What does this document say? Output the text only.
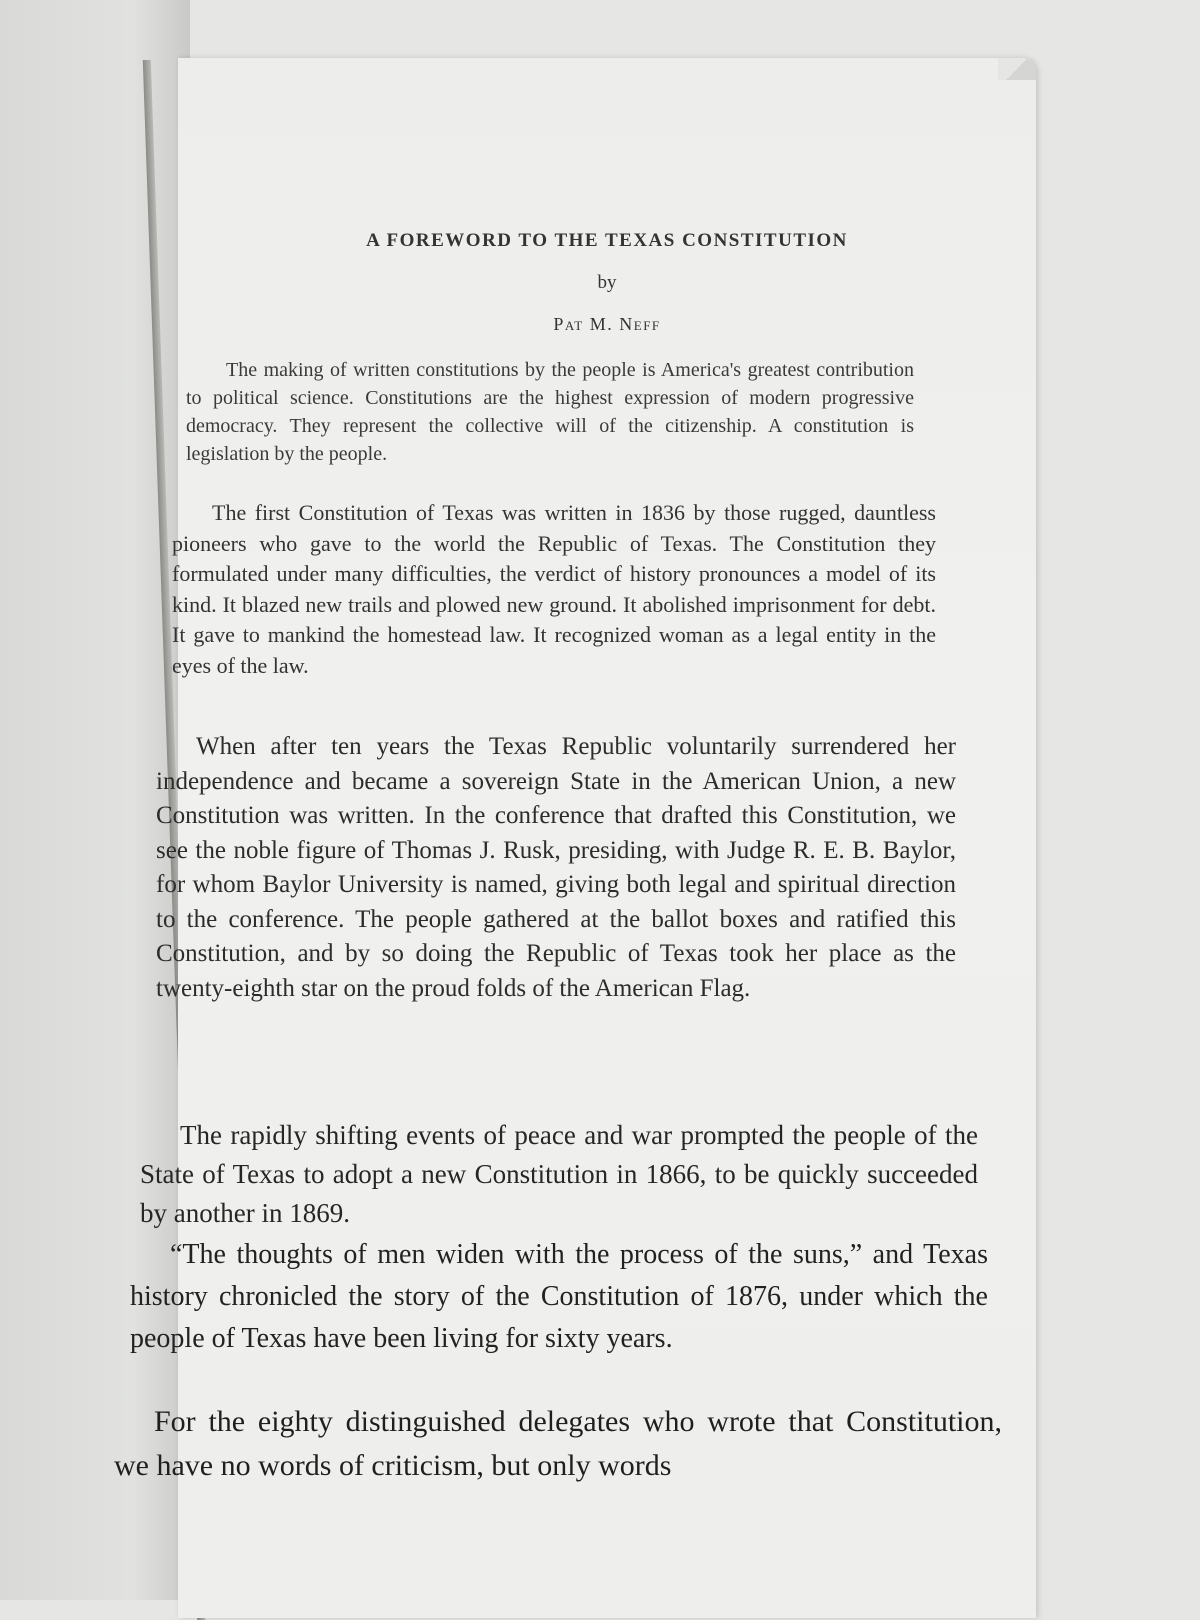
A FOREWORD TO THE TEXAS CONSTITUTION
by
Pat M. Neff

The making of written constitutions by the people is America's greatest contribution to political science. Constitutions are the highest expression of modern progressive democracy. They represent the collective will of the citizenship. A constitution is legislation by the people.

The first Constitution of Texas was written in 1836 by those rugged, dauntless pioneers who gave to the world the Republic of Texas. The Constitution they formulated under many difficulties, the verdict of history pronounces a model of its kind. It blazed new trails and plowed new ground. It abolished imprisonment for debt. It gave to mankind the homestead law. It recognized woman as a legal entity in the eyes of the law.

When after ten years the Texas Republic voluntarily surrendered her independence and became a sovereign State in the American Union, a new Constitution was written. In the conference that drafted this Constitution, we see the noble figure of Thomas J. Rusk, presiding, with Judge R. E. B. Baylor, for whom Baylor University is named, giving both legal and spiritual direction to the conference. The people gathered at the ballot boxes and ratified this Constitution, and by so doing the Republic of Texas took her place as the twenty-eighth star on the proud folds of the American Flag.

The rapidly shifting events of peace and war prompted the people of the State of Texas to adopt a new Constitution in 1866, to be quickly succeeded by another in 1869.

“The thoughts of men widen with the process of the suns,” and Texas history chronicled the story of the Constitution of 1876, under which the people of Texas have been living for sixty years.

For the eighty distinguished delegates who wrote that Constitution, we have no words of criticism, but only words
